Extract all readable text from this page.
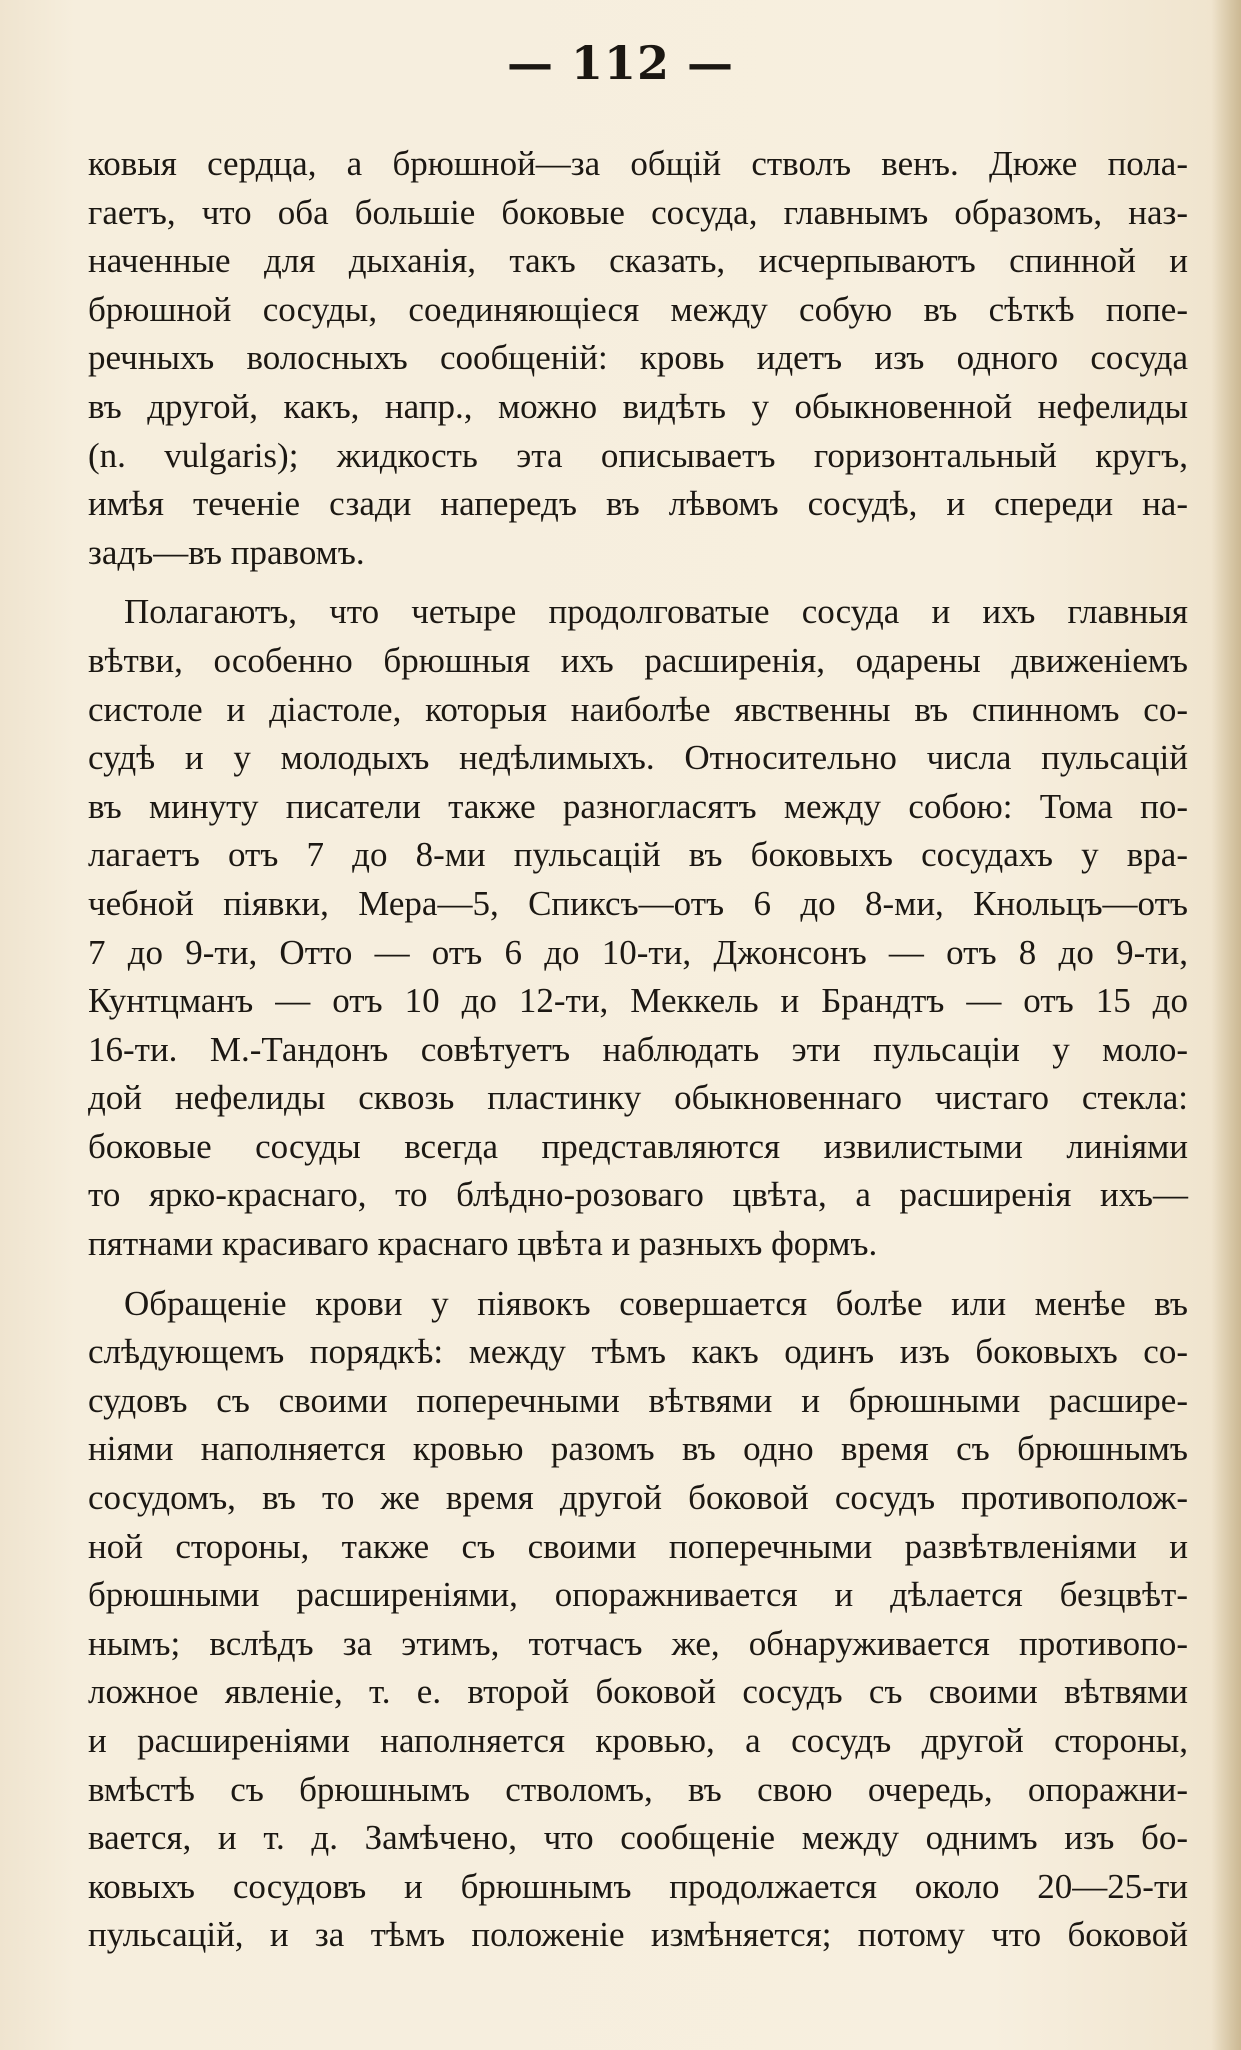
— 112 —
ковыя сердца, а брюшной—за общій стволъ венъ. Дюже пола-
гаетъ, что оба большіе боковые сосуда, главнымъ образомъ, наз-
наченные для дыханія, такъ сказать, исчерпываютъ спинной и
брюшной сосуды, соединяющіеся между собую въ сѣткѣ попе-
речныхъ волосныхъ сообщеній: кровь идетъ изъ одного сосуда
въ другой, какъ, напр., можно видѣть у обыкновенной нефелиды
(n. vulgaris); жидкость эта описываетъ горизонтальный кругъ,
имѣя теченіе сзади напередъ въ лѣвомъ сосудѣ, и спереди на-
задъ—въ правомъ.
Полагаютъ, что четыре продолговатые сосуда и ихъ главныя
вѣтви, особенно брюшныя ихъ расширенія, одарены движеніемъ
систоле и діастоле, которыя наиболѣе явственны въ спинномъ со-
судѣ и у молодыхъ недѣлимыхъ. Относительно числа пульсацій
въ минуту писатели также разногласятъ между собою: Тома по-
лагаетъ отъ 7 до 8-ми пульсацій въ боковыхъ сосудахъ у вра-
чебной піявки, Мера—5, Спиксъ—отъ 6 до 8-ми, Кнольцъ—отъ
7 до 9-ти, Отто — отъ 6 до 10-ти, Джонсонъ — отъ 8 до 9-ти,
Кунтцманъ — отъ 10 до 12-ти, Меккель и Брандтъ — отъ 15 до
16-ти. М.-Тандонъ совѣтуетъ наблюдать эти пульсаціи у моло-
дой нефелиды сквозь пластинку обыкновеннаго чистаго стекла:
боковые сосуды всегда представляются извилистыми линіями
то ярко-краснаго, то блѣдно-розоваго цвѣта, а расширенія ихъ—
пятнами красиваго краснаго цвѣта и разныхъ формъ.
Обращеніе крови у піявокъ совершается болѣе или менѣе въ
слѣдующемъ порядкѣ: между тѣмъ какъ одинъ изъ боковыхъ со-
судовъ съ своими поперечными вѣтвями и брюшными расшире-
ніями наполняется кровью разомъ въ одно время съ брюшнымъ
сосудомъ, въ то же время другой боковой сосудъ противополож-
ной стороны, также съ своими поперечными развѣтвленіями и
брюшными расширеніями, опоражнивается и дѣлается безцвѣт-
нымъ; вслѣдъ за этимъ, тотчасъ же, обнаруживается противопо-
ложное явленіе, т. е. второй боковой сосудъ съ своими вѣтвями
и расширеніями наполняется кровью, а сосудъ другой стороны,
вмѣстѣ съ брюшнымъ стволомъ, въ свою очередь, опоражни-
вается, и т. д. Замѣчено, что сообщеніе между однимъ изъ бо-
ковыхъ сосудовъ и брюшнымъ продолжается около 20—25-ти
пульсацій, и за тѣмъ положеніе измѣняется; потому что боковой
